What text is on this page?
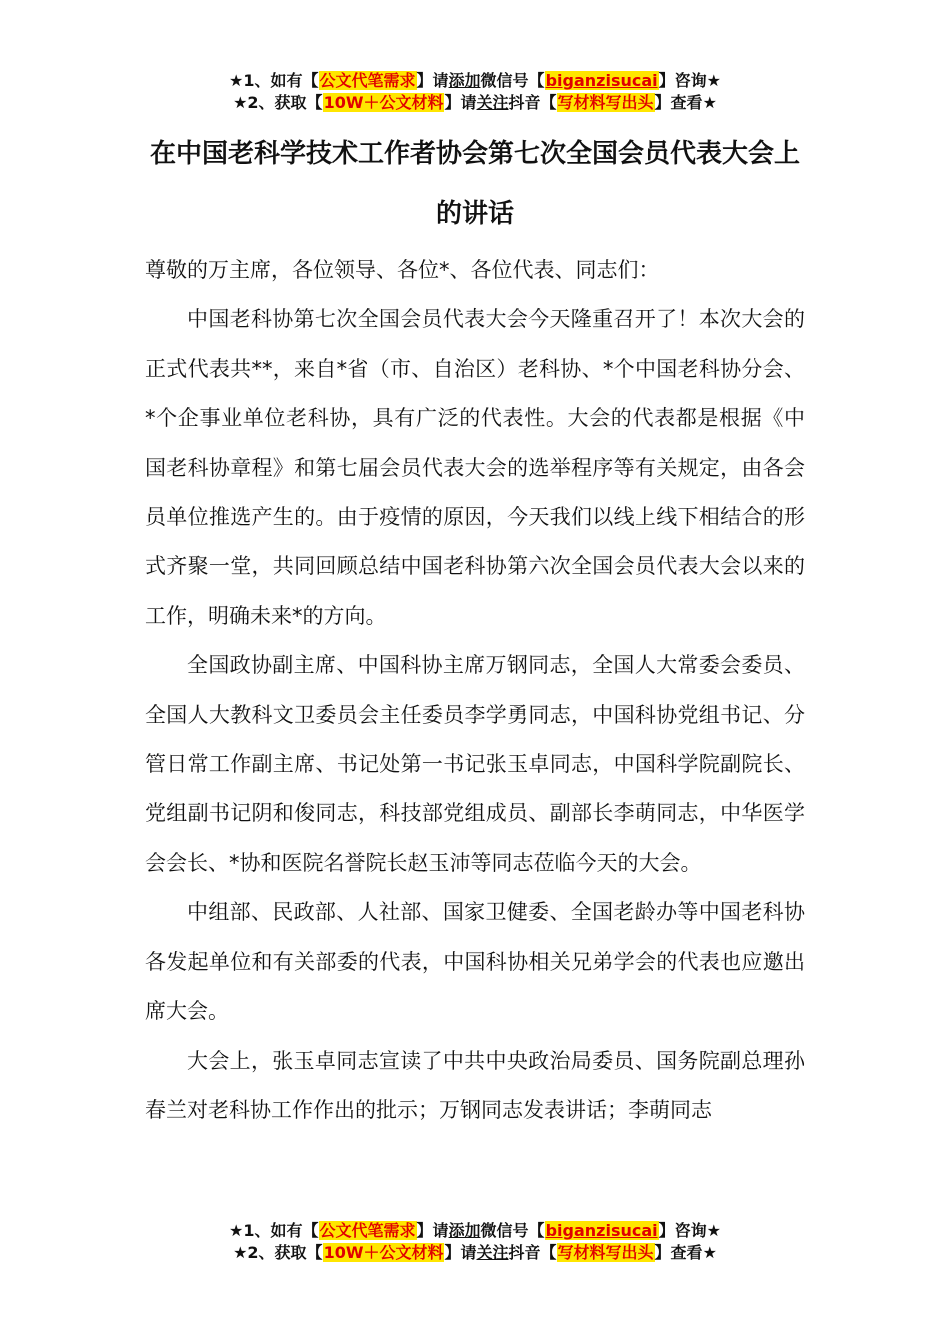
★1、如有【公文代笔需求】请添加微信号【biganzisucai】咨询★
★2、获取【10W＋公文材料】请关注抖音【写材料写出头】查看★
在中国老科学技术工作者协会第七次全国会员代表大会上的讲话

尊敬的万主席，各位领导、各位*、各位代表、同志们：

中国老科协第七次全国会员代表大会今天隆重召开了！本次大会的正式代表共**，来自*省（市、自治区）老科协、*个中国老科协分会、*个企事业单位老科协，具有广泛的代表性。大会的代表都是根据《中国老科协章程》和第七届会员代表大会的选举程序等有关规定，由各会员单位推选产生的。由于疫情的原因，今天我们以线上线下相结合的形式齐聚一堂，共同回顾总结中国老科协第六次全国会员代表大会以来的工作，明确未来*的方向。

全国政协副主席、中国科协主席万钢同志，全国人大常委会委员、全国人大教科文卫委员会主任委员李学勇同志，中国科协党组书记、分管日常工作副主席、书记处第一书记张玉卓同志，中国科学院副院长、党组副书记阴和俊同志，科技部党组成员、副部长李萌同志，中华医学会会长、*协和医院名誉院长赵玉沛等同志莅临今天的大会。

中组部、民政部、人社部、国家卫健委、全国老龄办等中国老科协各发起单位和有关部委的代表，中国科协相关兄弟学会的代表也应邀出席大会。

大会上，张玉卓同志宣读了中共中央政治局委员、国务院副总理孙春兰对老科协工作作出的批示；万钢同志发表讲话；李萌同志

★1、如有【公文代笔需求】请添加微信号【biganzisucai】咨询★
★2、获取【10W＋公文材料】请关注抖音【写材料写出头】查看★
